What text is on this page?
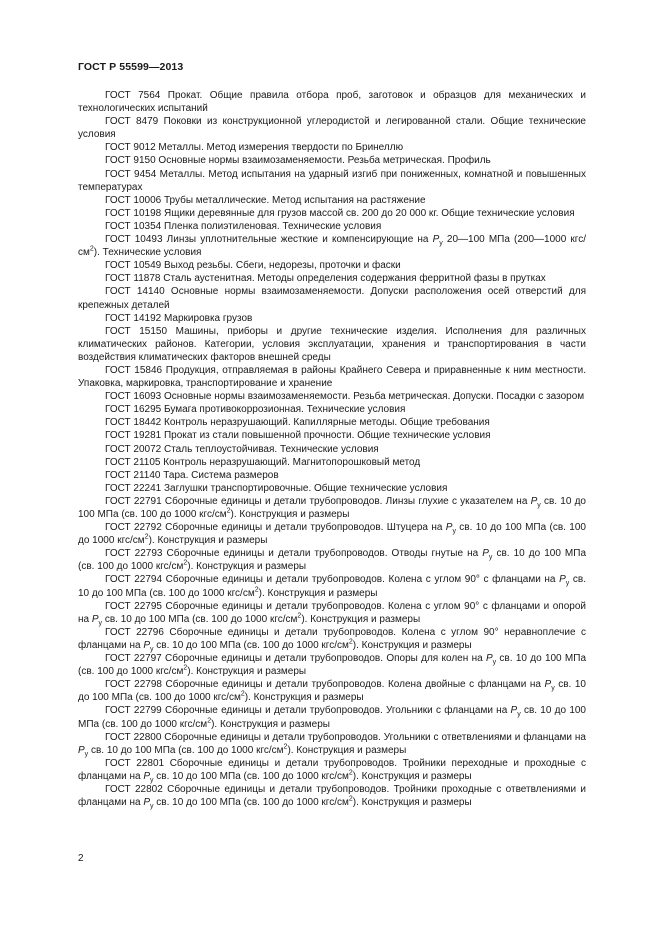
ГОСТ Р 55599—2013

ГОСТ 7564 Прокат. Общие правила отбора проб, заготовок и образцов для механических и технологических испытаний

ГОСТ 8479 Поковки из конструкционной углеродистой и легированной стали. Общие технические условия

ГОСТ 9012 Металлы. Метод измерения твердости по Бринеллю

ГОСТ 9150 Основные нормы взаимозаменяемости. Резьба метрическая. Профиль

ГОСТ 9454 Металлы. Метод испытания на ударный изгиб при пониженных, комнатной и повышенных температурах

ГОСТ 10006 Трубы металлические. Метод испытания на растяжение

ГОСТ 10198 Ящики деревянные для грузов массой св. 200 до 20 000 кг. Общие технические условия

ГОСТ 10354 Пленка полиэтиленовая. Технические условия

ГОСТ 10493 Линзы уплотнительные жесткие и компенсирующие на $P_у$ 20—100 МПа (200—1000 кгс/$см^2$). Технические условия

ГОСТ 10549 Выход резьбы. Сбеги, недорезы, проточки и фаски

ГОСТ 11878 Сталь аустенитная. Методы определения содержания ферритной фазы в прутках

ГОСТ 14140 Основные нормы взаимозаменяемости. Допуски расположения осей отверстий для крепежных деталей

ГОСТ 14192 Маркировка грузов

ГОСТ 15150 Машины, приборы и другие технические изделия. Исполнения для различных климатических районов. Категории, условия эксплуатации, хранения и транспортирования в части воздействия климатических факторов внешней среды

ГОСТ 15846 Продукция, отправляемая в районы Крайнего Севера и приравненные к ним местности. Упаковка, маркировка, транспортирование и хранение

ГОСТ 16093 Основные нормы взаимозаменяемости. Резьба метрическая. Допуски. Посадки с зазором

ГОСТ 16295 Бумага противокоррозионная. Технические условия

ГОСТ 18442 Контроль неразрушающий. Капиллярные методы. Общие требования

ГОСТ 19281 Прокат из стали повышенной прочности. Общие технические условия

ГОСТ 20072 Сталь теплоустойчивая. Технические условия

ГОСТ 21105 Контроль неразрушающий. Магнитопорошковый метод

ГОСТ 21140 Тара. Система размеров

ГОСТ 22241 Заглушки транспортировочные. Общие технические условия

ГОСТ 22791 Сборочные единицы и детали трубопроводов. Линзы глухие с указателем на $P_у$ св. 10 до 100 МПа (св. 100 до 1000 кгс/$см^2$). Конструкция и размеры

ГОСТ 22792 Сборочные единицы и детали трубопроводов. Штуцера на $P_у$ св. 10 до 100 МПа (св. 100 до 1000 кгс/$см^2$). Конструкция и размеры

ГОСТ 22793 Сборочные единицы и детали трубопроводов. Отводы гнутые на $P_у$ св. 10 до 100 МПа (св. 100 до 1000 кгс/$см^2$). Конструкция и размеры

ГОСТ 22794 Сборочные единицы и детали трубопроводов. Колена с углом 90° с фланцами на $P_у$ св. 10 до 100 МПа (св. 100 до 1000 кгс/$см^2$). Конструкция и размеры

ГОСТ 22795 Сборочные единицы и детали трубопроводов. Колена с углом 90° с фланцами и опорой на $P_у$ св. 10 до 100 МПа (св. 100 до 1000 кгс/$см^2$). Конструкция и размеры

ГОСТ 22796 Сборочные единицы и детали трубопроводов. Колена с углом 90° неравноплечие с фланцами на $P_у$ св. 10 до 100 МПа (св. 100 до 1000 кгс/$см^2$). Конструкция и размеры

ГОСТ 22797 Сборочные единицы и детали трубопроводов. Опоры для колен на $P_у$ св. 10 до 100 МПа (св. 100 до 1000 кгс/$см^2$). Конструкция и размеры

ГОСТ 22798 Сборочные единицы и детали трубопроводов. Колена двойные с фланцами на $P_у$ св. 10 до 100 МПа (св. 100 до 1000 кгс/$см^2$). Конструкция и размеры

ГОСТ 22799 Сборочные единицы и детали трубопроводов. Угольники с фланцами на $P_у$ св. 10 до 100 МПа (св. 100 до 1000 кгс/$см^2$). Конструкция и размеры

ГОСТ 22800 Сборочные единицы и детали трубопроводов. Угольники с ответвлениями и фланцами на $P_у$ св. 10 до 100 МПа (св. 100 до 1000 кгс/$см^2$). Конструкция и размеры

ГОСТ 22801 Сборочные единицы и детали трубопроводов. Тройники переходные и проходные с фланцами на $P_у$ св. 10 до 100 МПа (св. 100 до 1000 кгс/$см^2$). Конструкция и размеры

ГОСТ 22802 Сборочные единицы и детали трубопроводов. Тройники проходные с ответвлениями и фланцами на $P_у$ св. 10 до 100 МПа (св. 100 до 1000 кгс/$см^2$). Конструкция и размеры

2
